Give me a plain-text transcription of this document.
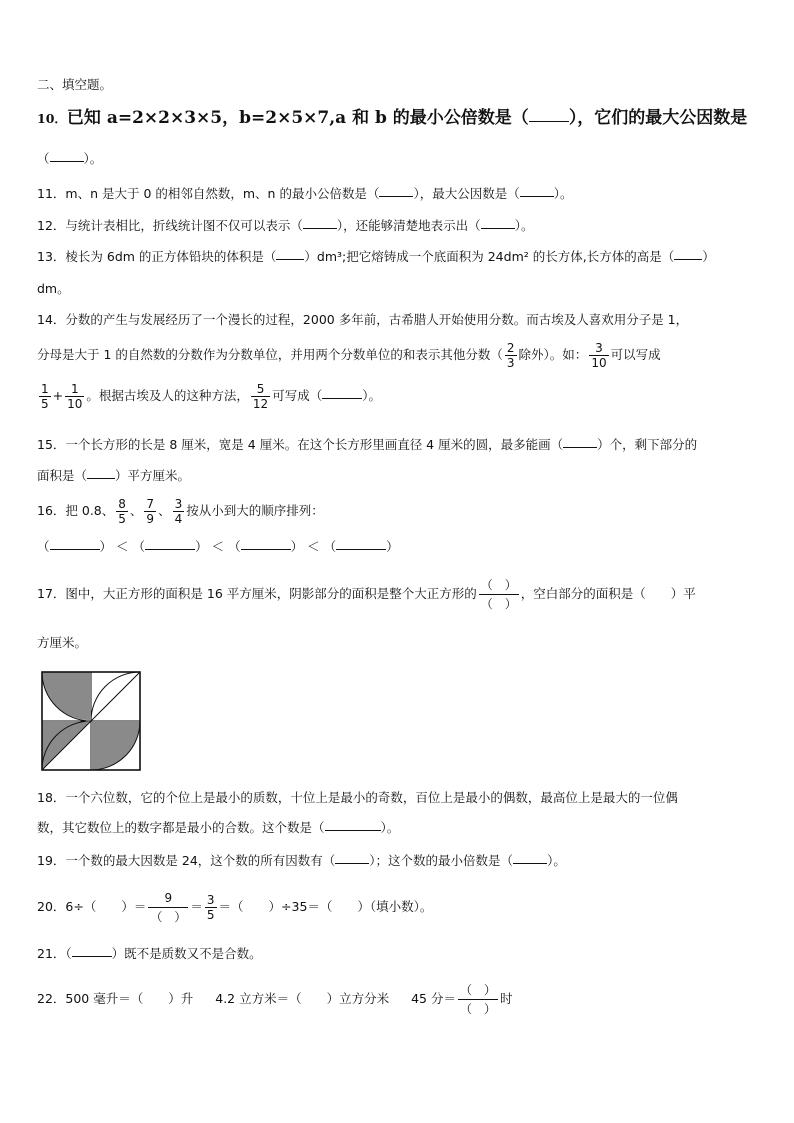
二、填空题。
10．已知 a=2×2×3×5，b=2×5×7,a 和 b 的最小公倍数是（ ），它们的最大公因数是
（	）。
11．m、n 是大于 0 的相邻自然数，m、n 的最小公倍数是（	），最大公因数是（	）。
12．与统计表相比，折线统计图不仅可以表示（	），还能够清楚地表示出（	）。
13．棱长为 6dm 的正方体铅块的体积是（ ）dm³;把它熔铸成一个底面积为 24dm² 的长方体,长方体的高是（ ）
dm。
14．分数的产生与发展经历了一个漫长的过程，2000 多年前，古希腊人开始使用分数。而古埃及人喜欢用分子是 1，
分母是大于 1 的自然数的分数作为分数单位，并用两个分数单位的和表示其他分数（ $\frac{2}{3}$ 除外）。如： $\frac{3}{10}$ 可以写成
$\frac{1}{5} + \frac{1}{10}$ 。根据古埃及人的这种方法， $\frac{5}{12}$ 可写成（	）。
15．一个长方形的长是 8 厘米，宽是 4 厘米。在这个长方形里画直径 4 厘米的圆，最多能画（	）个，剩下部分的
面积是（ ）平方厘米。
16．把 0.8、 $\frac{8}{5}$ 、 $\frac{7}{9}$ 、 $\frac{3}{4}$ 按从小到大的顺序排列：
（	） ＜ （	） ＜ （	） ＜ （	）
17．图中，大正方形的面积是 16 平方厘米，阴影部分的面积是整个大正方形的 $\frac{( )}{( )}$ ，空白部分的面积是（　　）平
方厘米。
18．一个六位数，它的个位上是最小的质数，十位上是最小的奇数，百位上是最小的偶数，最高位上是最大的一位偶
数，其它数位上的数字都是最小的合数。这个数是（	）。
19．一个数的最大因数是 24，这个数的所有因数有（	）；这个数的最小倍数是（	）。
20．6÷（　　）＝ $\frac{9}{( )} = \frac{3}{5}$ ＝（　　）÷35＝（　　）（填小数）。
21．（	）既不是质数又不是合数。
22．500 毫升＝（　　）升 4.2 立方米＝（　　）立方分米 45 分＝ $\frac{( )}{( )}$ 时
